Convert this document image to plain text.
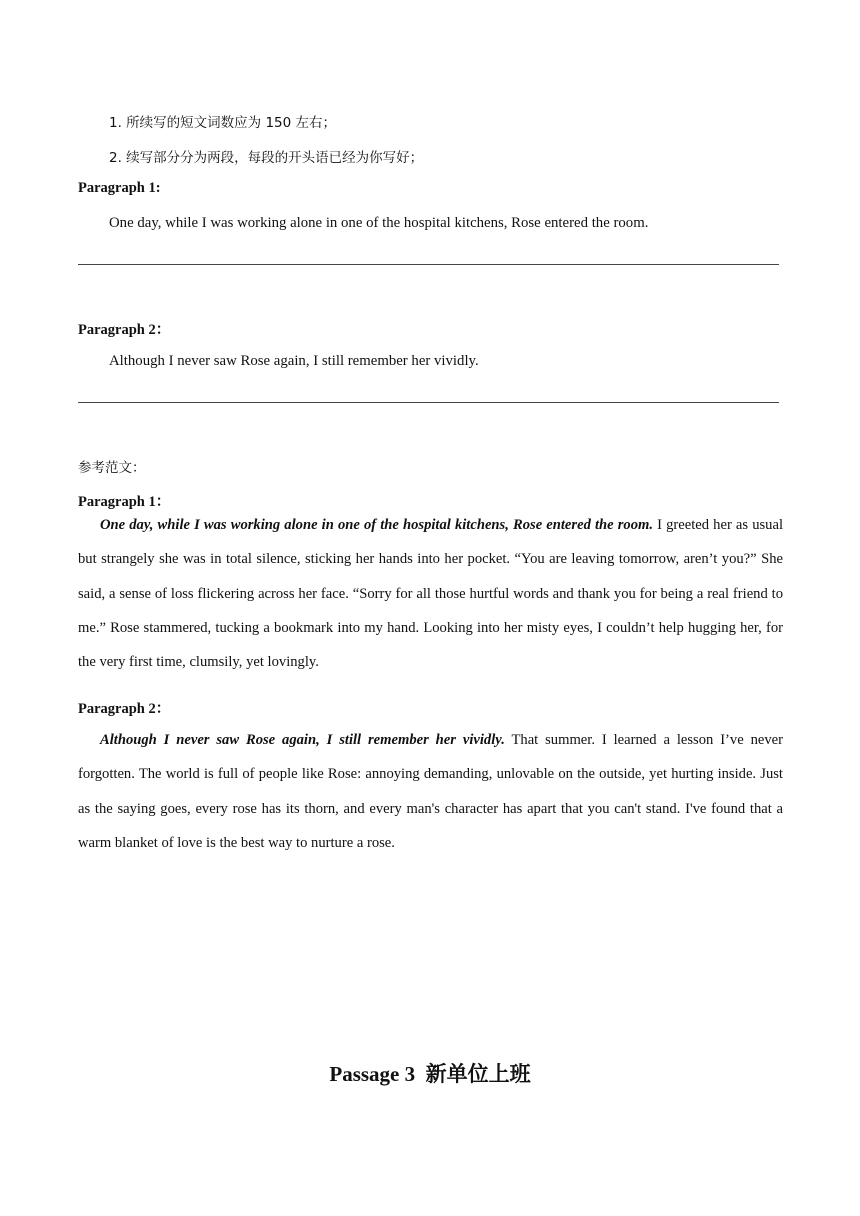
1. 所续写的短文词数应为 150 左右；
2. 续写部分分为两段，每段的开头语已经为你写好；
Paragraph 1:
One day, while I was working alone in one of the hospital kitchens, Rose entered the room.
Paragraph 2：
Although I never saw Rose again, I still remember her vividly.
参考范文：
Paragraph 1：

One day, while I was working alone in one of the hospital kitchens, Rose entered the room. I greeted her as usual but strangely she was in total silence, sticking her hands into her pocket. “You are leaving tomorrow, aren’t you?” She said, a sense of loss flickering across her face. “Sorry for all those hurtful words and thank you for being a real friend to me.” Rose stammered, tucking a bookmark into my hand. Looking into her misty eyes, I couldn’t help hugging her, for the very first time, clumsily, yet lovingly.

Paragraph 2：

Although I never saw Rose again, I still remember her vividly. That summer. I learned a lesson I’ve never forgotten. The world is full of people like Rose: annoying demanding, unlovable on the outside, yet hurting inside. Just as the saying goes, every rose has its thorn, and every man's character has apart that you can't stand. I've found that a warm blanket of love is the best way to nurture a rose.

Passage 3 新单位上班
